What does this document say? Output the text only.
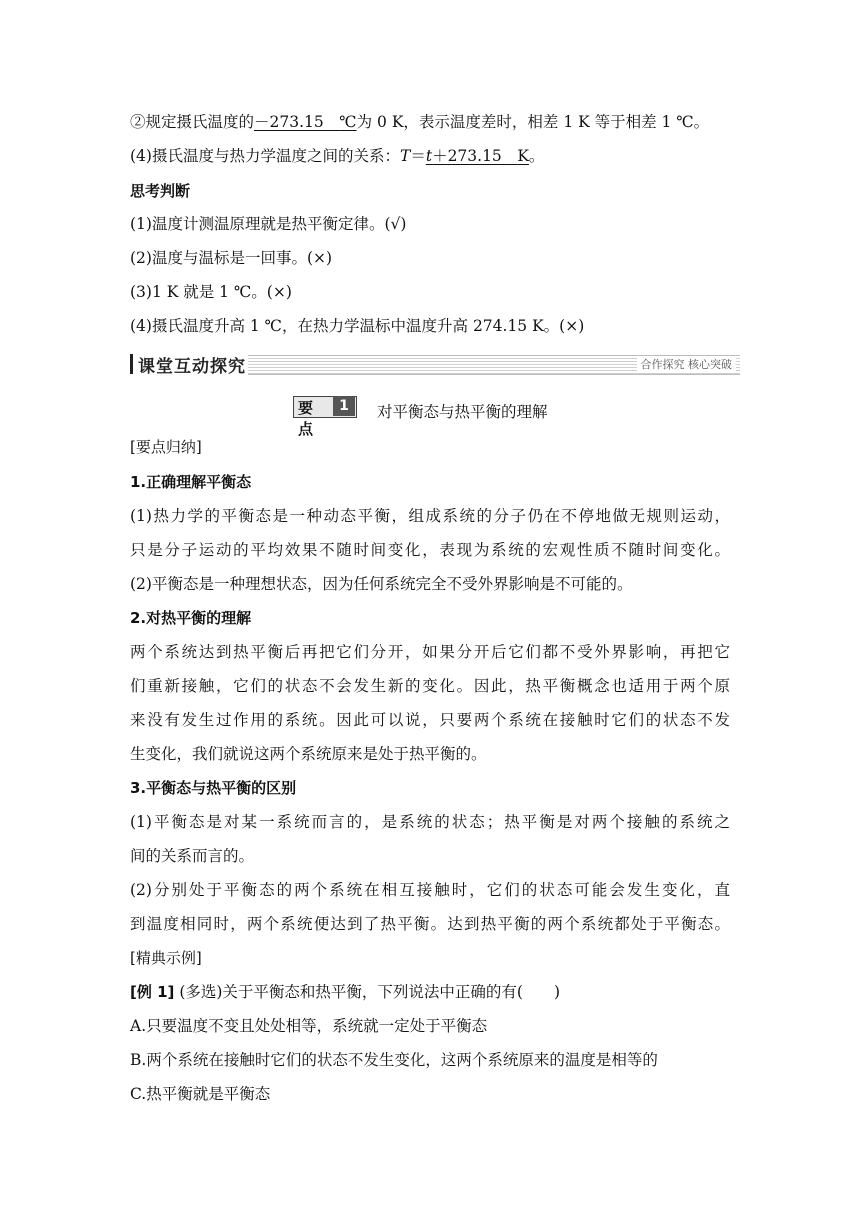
②规定摄氏温度的－273.15　℃为 0 K，表示温度差时，相差 1 K 等于相差 1 ℃。
(4)摄氏温度与热力学温度之间的关系：T＝t＋273.15　K。
思考判断
(1)温度计测温原理就是热平衡定律。(√)
(2)温度与温标是一回事。(×)
(3)1 K 就是 1 ℃。(×)
(4)摄氏温度升高 1 ℃，在热力学温标中温度升高 274.15 K。(×)
课堂互动探究	合作探究 核心突破
要点
1	对平衡态与热平衡的理解
[要点归纳]
1.正确理解平衡态
(1)热力学的平衡态是一种动态平衡，组成系统的分子仍在不停地做无规则运动，
只是分子运动的平均效果不随时间变化，表现为系统的宏观性质不随时间变化。
(2)平衡态是一种理想状态，因为任何系统完全不受外界影响是不可能的。
2.对热平衡的理解
两个系统达到热平衡后再把它们分开，如果分开后它们都不受外界影响，再把它
们重新接触，它们的状态不会发生新的变化。因此，热平衡概念也适用于两个原
来没有发生过作用的系统。因此可以说，只要两个系统在接触时它们的状态不发
生变化，我们就说这两个系统原来是处于热平衡的。
3.平衡态与热平衡的区别
(1)平衡态是对某一系统而言的，是系统的状态；热平衡是对两个接触的系统之
间的关系而言的。
(2)分别处于平衡态的两个系统在相互接触时，它们的状态可能会发生变化，直
到温度相同时，两个系统便达到了热平衡。达到热平衡的两个系统都处于平衡态。
[精典示例]
[例 1] (多选)关于平衡态和热平衡，下列说法中正确的有(　　)
A.只要温度不变且处处相等，系统就一定处于平衡态
B.两个系统在接触时它们的状态不发生变化，这两个系统原来的温度是相等的
C.热平衡就是平衡态
